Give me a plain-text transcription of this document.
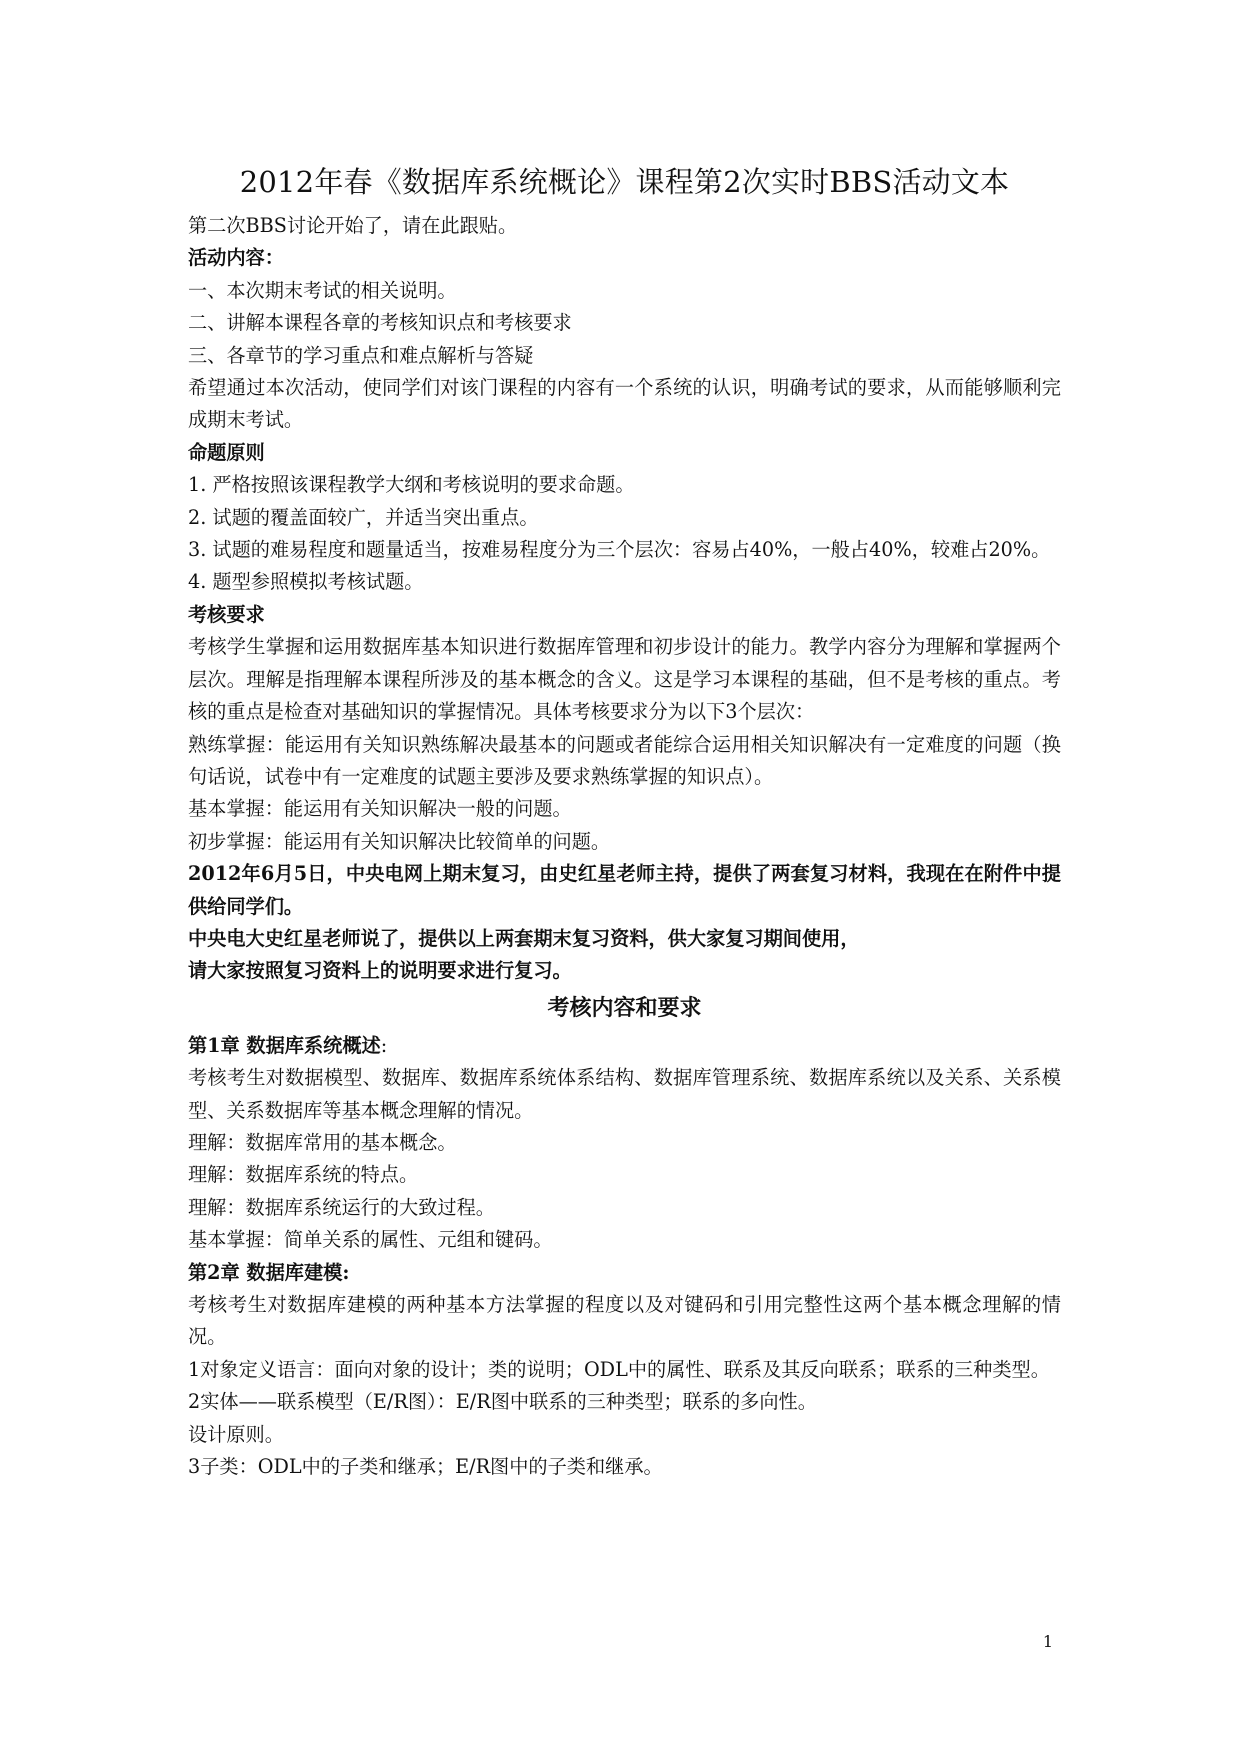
2012年春《数据库系统概论》课程第2次实时BBS活动文本

第二次BBS讨论开始了，请在此跟贴。

活动内容：

一、本次期末考试的相关说明。

二、讲解本课程各章的考核知识点和考核要求

三、各章节的学习重点和难点解析与答疑

希望通过本次活动，使同学们对该门课程的内容有一个系统的认识，明确考试的要求，从而能够顺利完成期末考试。

命题原则

1. 严格按照该课程教学大纲和考核说明的要求命题。

2. 试题的覆盖面较广，并适当突出重点。

3. 试题的难易程度和题量适当，按难易程度分为三个层次：容易占40%，一般占40%，较难占20%。

4. 题型参照模拟考核试题。

考核要求

考核学生掌握和运用数据库基本知识进行数据库管理和初步设计的能力。教学内容分为理解和掌握两个层次。理解是指理解本课程所涉及的基本概念的含义。这是学习本课程的基础，但不是考核的重点。考核的重点是检查对基础知识的掌握情况。具体考核要求分为以下3个层次：

熟练掌握：能运用有关知识熟练解决最基本的问题或者能综合运用相关知识解决有一定难度的问题（换句话说，试卷中有一定难度的试题主要涉及要求熟练掌握的知识点）。

基本掌握：能运用有关知识解决一般的问题。

初步掌握：能运用有关知识解决比较简单的问题。

2012年6月5日，中央电网上期末复习，由史红星老师主持，提供了两套复习材料，我现在在附件中提供给同学们。

中央电大史红星老师说了，提供以上两套期末复习资料，供大家复习期间使用，

请大家按照复习资料上的说明要求进行复习。

考核内容和要求

第1章 数据库系统概述:

考核考生对数据模型、数据库、数据库系统体系结构、数据库管理系统、数据库系统以及关系、关系模型、关系数据库等基本概念理解的情况。

理解：数据库常用的基本概念。

理解：数据库系统的特点。

理解：数据库系统运行的大致过程。

基本掌握：简单关系的属性、元组和键码。

第2章 数据库建模:

考核考生对数据库建模的两种基本方法掌握的程度以及对键码和引用完整性这两个基本概念理解的情况。

1对象定义语言：面向对象的设计；类的说明；ODL中的属性、联系及其反向联系；联系的三种类型。

2实体——联系模型（E/R图）：E/R图中联系的三种类型；联系的多向性。

设计原则。

3子类：ODL中的子类和继承；E/R图中的子类和继承。

1
